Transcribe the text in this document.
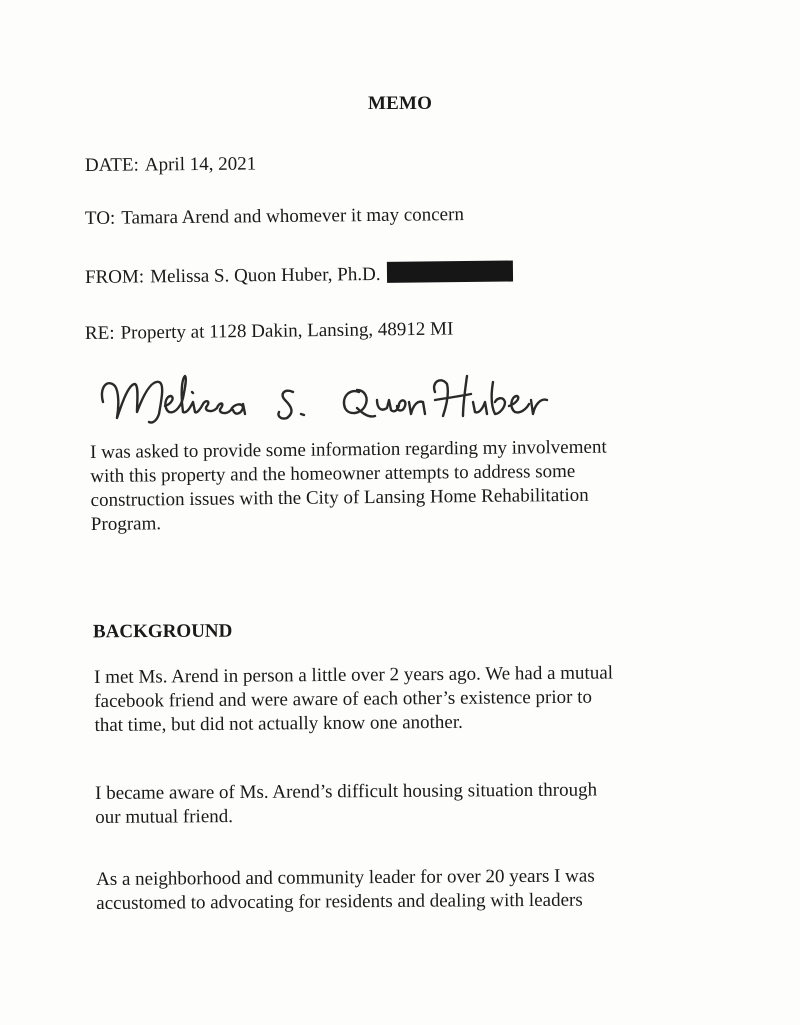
MEMO
DATE: April 14, 2021
TO: Tamara Arend and whomever it may concern
FROM: Melissa S. Quon Huber, Ph.D.
RE: Property at 1128 Dakin, Lansing, 48912 MI
I was asked to provide some information regarding my involvement
with this property and the homeowner attempts to address some
construction issues with the City of Lansing Home Rehabilitation
Program.
BACKGROUND
I met Ms. Arend in person a little over 2 years ago. We had a mutual
facebook friend and were aware of each other’s existence prior to
that time, but did not actually know one another.
I became aware of Ms. Arend’s difficult housing situation through
our mutual friend.
As a neighborhood and community leader for over 20 years I was
accustomed to advocating for residents and dealing with leaders
